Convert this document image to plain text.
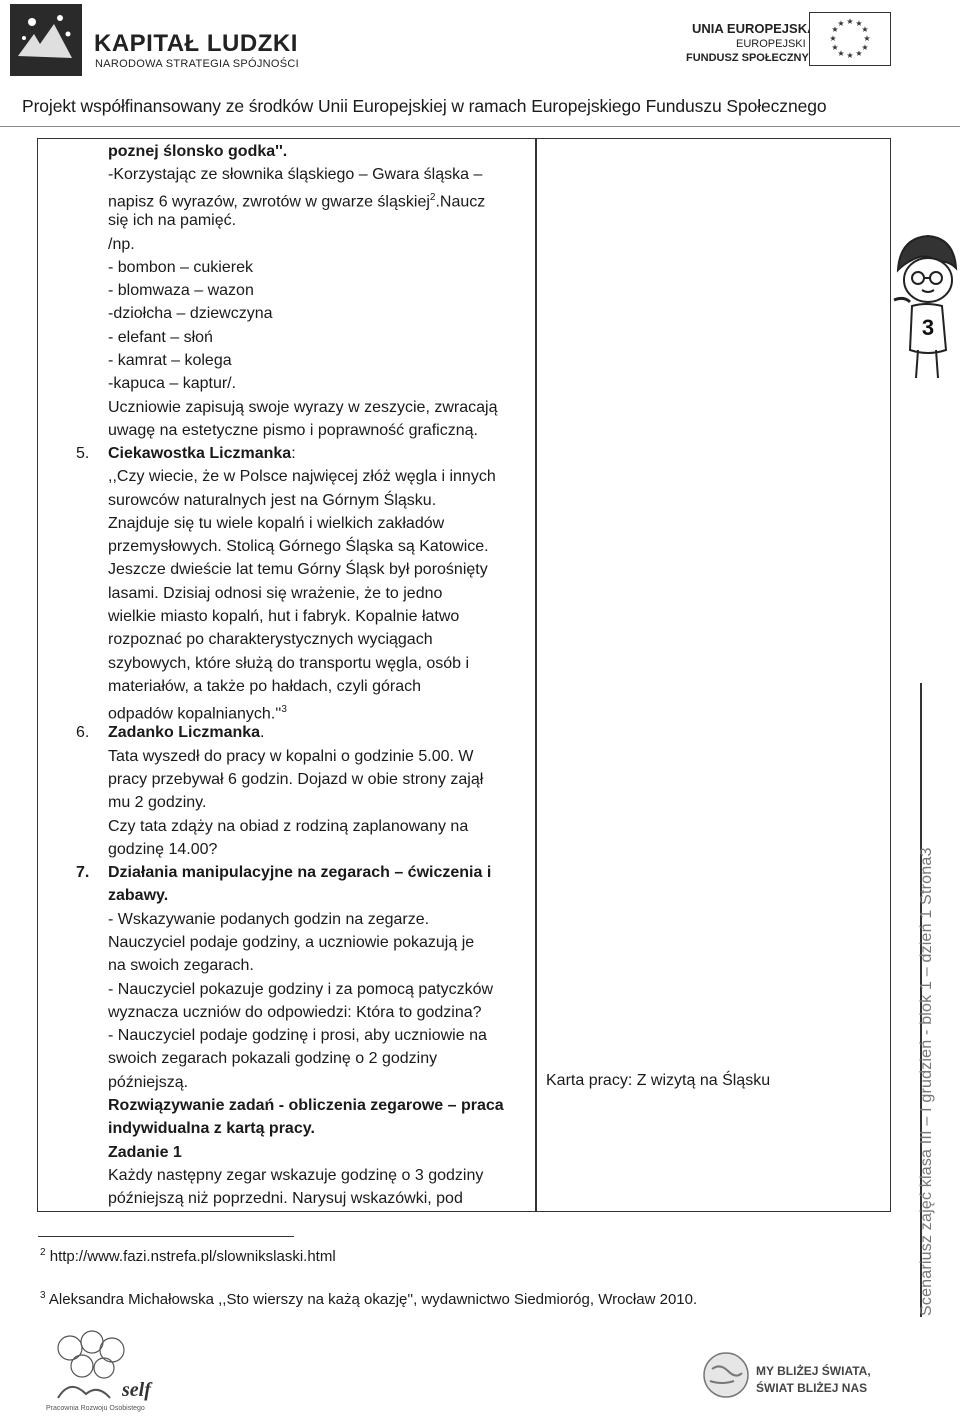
KAPITAŁ LUDZKI
NARODOWA STRATEGIA SPÓJNOŚCI
UNIA EUROPEJSKA
EUROPEJSKI
FUNDUSZ SPOŁECZNY
★ ★
★
★
★
★
★
★
★
★
★
★
Projekt współfinansowany ze środków Unii Europejskiej w ramach Europejskiego Funduszu Społecznego
poznej ślonsko godka''.
-Korzystając ze słownika śląskiego – Gwara śląska –
napisz 6 wyrazów, zwrotów w gwarze śląskiej$^2$.Naucz
się ich na pamięć.
/np.
- bombon – cukierek
- blomwaza – wazon
-dziołcha – dziewczyna
- elefant – słoń
- kamrat – kolega
-kapuca – kaptur/.
Uczniowie zapisują swoje wyrazy w zeszycie, zwracają
uwagę na estetyczne pismo i poprawność graficzną.
5. Ciekawostka Liczmanka:
,,Czy wiecie, że w Polsce najwięcej złóż węgla i innych
surowców naturalnych jest na Górnym Śląsku.
Znajduje się tu wiele kopalń i wielkich zakładów
przemysłowych. Stolicą Górnego Śląska są Katowice.
Jeszcze dwieście lat temu Górny Śląsk był porośnięty
lasami. Dzisiaj odnosi się wrażenie, że to jedno
wielkie miasto kopalń, hut i fabryk. Kopalnie łatwo
rozpoznać po charakterystycznych wyciągach
szybowych, które służą do transportu węgla, osób i
materiałów, a także po hałdach, czyli górach
odpadów $kopalnianych.''^3$
6. Zadanko Liczmanka.
Tata wyszedł do pracy w kopalni o godzinie 5.00. W
pracy przebywał 6 godzin. Dojazd w obie strony zajął
mu 2 godziny.
Czy tata zdąży na obiad z rodziną zaplanowany na
godzinę 14.00?
7. Działania manipulacyjne na zegarach – ćwiczenia i
zabawy.
- Wskazywanie podanych godzin na zegarze.
Nauczyciel podaje godziny, a uczniowie pokazują je
na swoich zegarach.
- Nauczyciel pokazuje godziny i za pomocą patyczków
wyznacza uczniów do odpowiedzi: Która to godzina?
- Nauczyciel podaje godzinę i prosi, aby uczniowie na
swoich zegarach pokazali godzinę o 2 godziny
późniejszą.
Rozwiązywanie zadań - obliczenia zegarowe – praca
indywidualna z kartą pracy.
Zadanie 1
Każdy następny zegar wskazuje godzinę o 3 godziny
późniejszą niż poprzedni. Narysuj wskazówki, pod
Karta pracy: Z wizytą na Śląsku
$^2$ http://www.fazi.nstrefa.pl/slownikslaski.html
$^3$ Aleksandra Michałowska ,,Sto wierszy na każą okazję'', wydawnictwo Siedmioróg, Wrocław 2010.
3
Scenariusz zajęć klasa III – I grudzień - blok 1 – dzień 1 Strona3
self
Pracownia Rozwoju Osobistego
MY BLIŻEJ ŚWIATA,
ŚWIAT BLIŻEJ NAS
